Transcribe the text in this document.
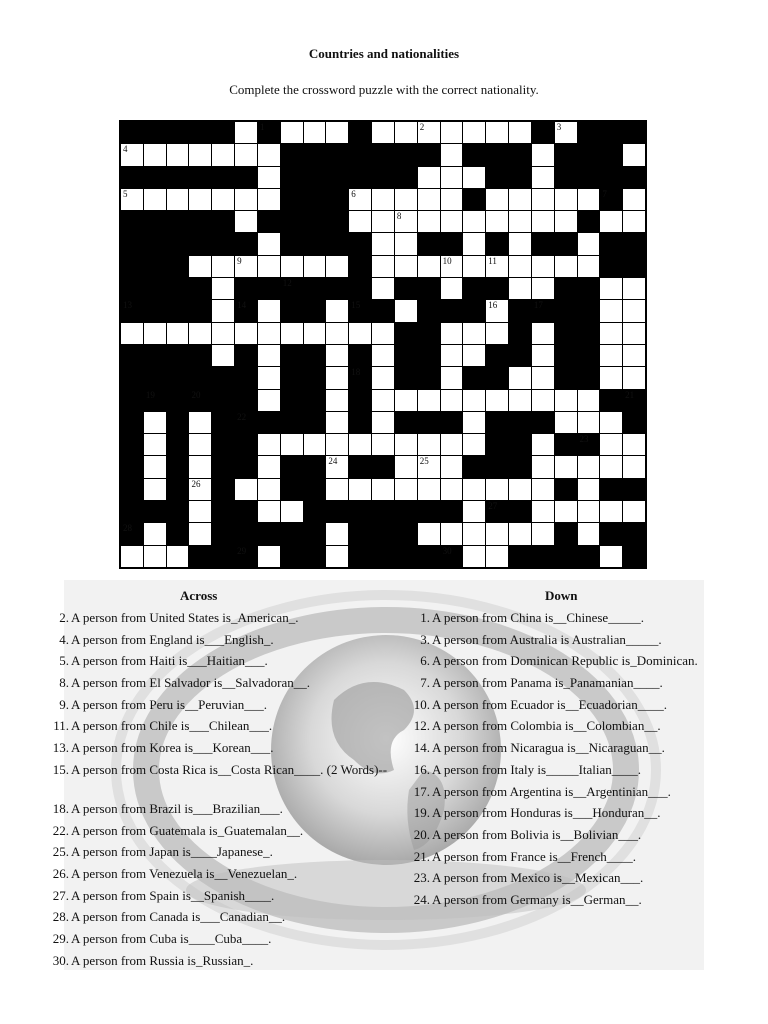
Countries and nationalities
Complete the crossword puzzle with the correct nationality.
1	2	3
4
5	6	7
8
9	10	11
12
13	14	15	16	17
18
19	20	21
22
23
24	25
26
27
28
29	30
Across	Down
2. A person from United States is_American_.
4. A person from England is___English_.
5. A person from Haiti is___Haitian___.
8. A person from El Salvador is__Salvadoran__.
9. A person from Peru is__Peruvian___.
11. A person from Chile is___Chilean___.
13. A person from Korea is___Korean___.
15. A person from Costa Rica is__Costa Rican____. (2 Words)--
18. A person from Brazil is___Brazilian___.
22. A person from Guatemala is_Guatemalan__.
25. A person from Japan is____Japanese_.
26. A person from Venezuela is__Venezuelan_.
27. A person from Spain is__Spanish____.
28. A person from Canada is___Canadian__.
29. A person from Cuba is____Cuba____.
30. A person from Russia is_Russian_.
1. A person from China is__Chinese_____.
3. A person from Australia is Australian_____.
6. A person from Dominican Republic is_Dominican.
7. A person from Panama is_Panamanian____.
10. A person from Ecuador is__Ecuadorian____.
12. A person from Colombia is__Colombian__.
14. A person from Nicaragua is__Nicaraguan__.
16. A person from Italy is_____Italian____.
17. A person from Argentina is__Argentinian___.
19. A person from Honduras is___Honduran__.
20. A person from Bolivia is__Bolivian___.
21. A person from France is__French____.
23. A person from Mexico is__Mexican___.
24. A person from Germany is__German__.
